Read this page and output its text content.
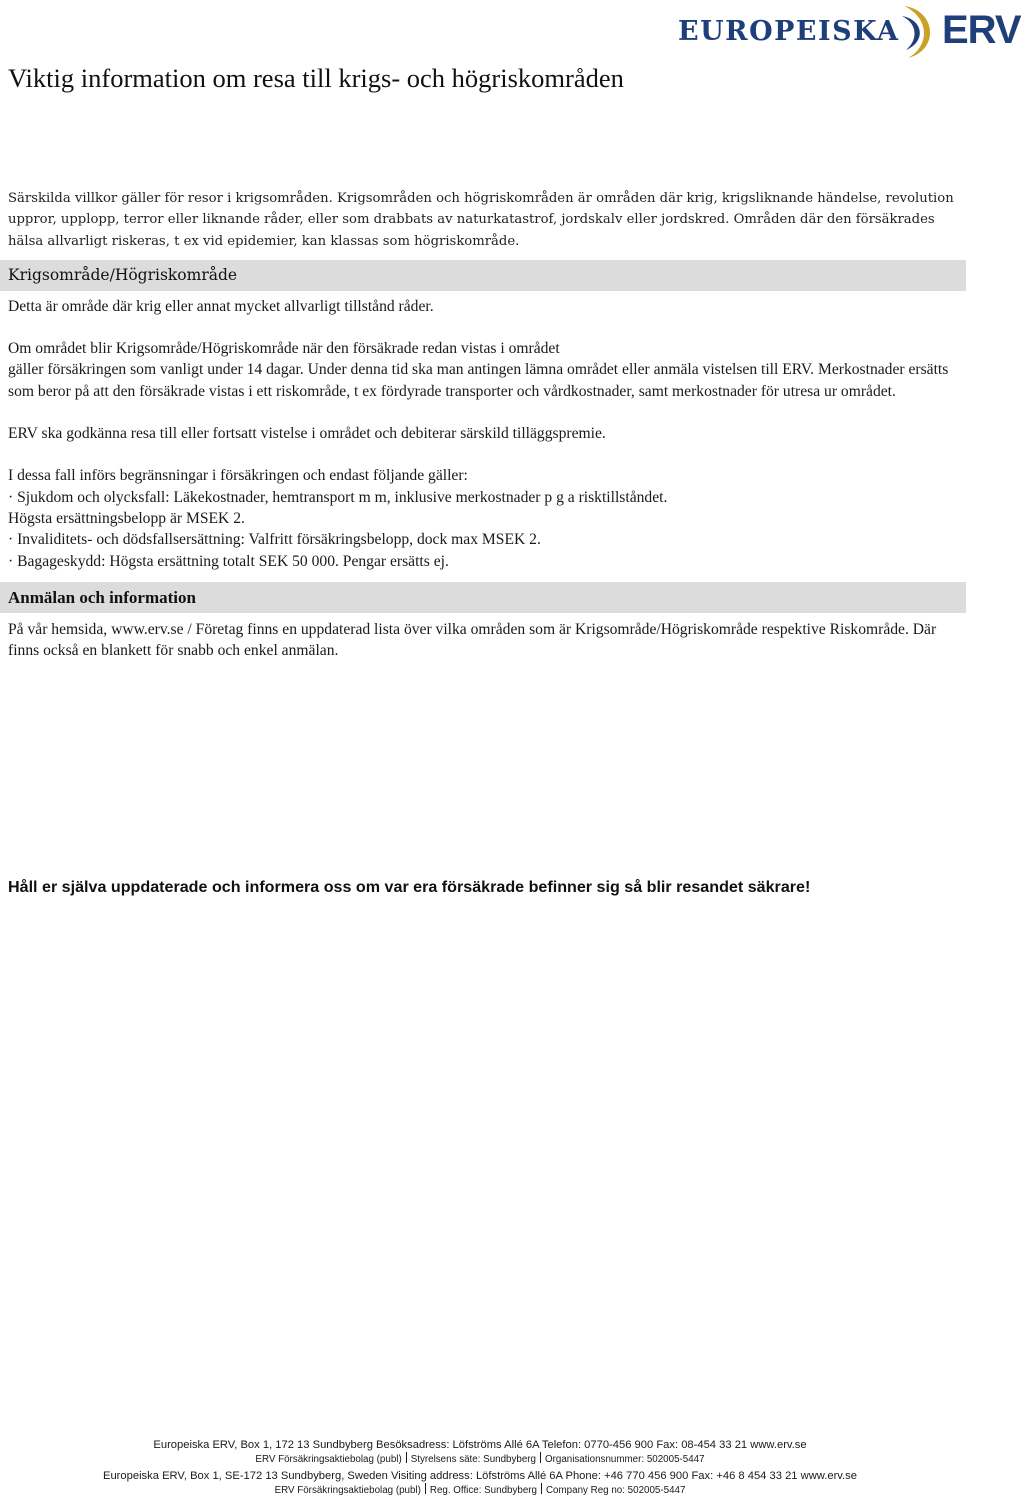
EUROPEISKA ERV
Viktig information om resa till krigs- och högriskområden

Särskilda villkor gäller för resor i krigsområden. Krigsområden och högriskområden är områden där krig, krigsliknande händelse, revolution uppror, upplopp, terror eller liknande råder, eller som drabbats av naturkatastrof, jordskalv eller jordskred. Områden där den försäkrades hälsa allvarligt riskeras, t ex vid epidemier, kan klassas som högriskområde.

Krigsområde/Högriskområde

Detta är område där krig eller annat mycket allvarligt tillstånd råder.

Om området blir Krigsområde/Högriskområde när den försäkrade redan vistas i området

gäller försäkringen som vanligt under 14 dagar. Under denna tid ska man antingen lämna området eller anmäla vistelsen till ERV. Merkostnader ersätts som beror på att den försäkrade vistas i ett riskområde, t ex fördyrade transporter och vårdkostnader, samt merkostnader för utresa ur området.

ERV ska godkänna resa till eller fortsatt vistelse i området och debiterar särskild tilläggspremie.

I dessa fall införs begränsningar i försäkringen och endast följande gäller:

· Sjukdom och olycksfall: Läkekostnader, hemtransport m m, inklusive merkostnader p g a risktillståndet.

Högsta ersättningsbelopp är MSEK 2.

· Invaliditets- och dödsfallsersättning: Valfritt försäkringsbelopp, dock max MSEK 2.

· Bagageskydd: Högsta ersättning totalt SEK 50 000. Pengar ersätts ej.

Anmälan och information

På vår hemsida, www.erv.se / Företag finns en uppdaterad lista över vilka områden som är Krigsområde/Högriskområde respektive Riskområde. Där finns också en blankett för snabb och enkel anmälan.

Håll er själva uppdaterade och informera oss om var era försäkrade befinner sig så blir resandet säkrare!

Europeiska ERV, Box 1, 172 13 Sundbyberg Besöksadress: Löfströms Allé 6A Telefon: 0770-456 900 Fax: 08-454 33 21 www.erv.se
ERV Försäkringsaktiebolag (publ) Styrelsens säte: Sundbyberg Organisationsnummer: 502005-5447
Europeiska ERV, Box 1, SE-172 13 Sundbyberg, Sweden Visiting address: Löfströms Allé 6A Phone: +46 770 456 900 Fax: +46 8 454 33 21 www.erv.se
ERV Försäkringsaktiebolag (publ) Reg. Office: Sundbyberg Company Reg no: 502005-5447
